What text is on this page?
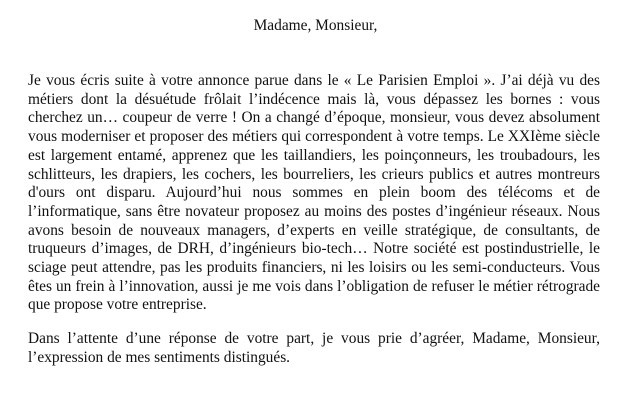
Madame, Monsieur,

Je vous écris suite à votre annonce parue dans le « Le Parisien Emploi ». J’ai déjà vu des métiers dont la désuétude frôlait l’indécence mais là, vous dépassez les bornes : vous cherchez un… coupeur de verre ! On a changé d’époque, monsieur, vous devez absolument vous moderniser et proposer des métiers qui correspondent à votre temps. Le XXIème siècle est largement entamé, apprenez que les taillandiers, les poinçonneurs, les troubadours, les schlitteurs, les drapiers, les cochers, les bourreliers, les crieurs publics et autres montreurs d'ours ont disparu. Aujourd’hui nous sommes en plein boom des télécoms et de l’informatique, sans être novateur proposez au moins des postes d’ingénieur réseaux. Nous avons besoin de nouveaux managers, d’experts en veille stratégique, de consultants, de truqueurs d’images, de DRH, d’ingénieurs bio-tech… Notre société est postindustrielle, le sciage peut attendre, pas les produits financiers, ni les loisirs ou les semi-conducteurs. Vous êtes un frein à l’innovation, aussi je me vois dans l’obligation de refuser le métier rétrograde que propose votre entreprise.

Dans l’attente d’une réponse de votre part, je vous prie d’agréer, Madame, Monsieur, l’expression de mes sentiments distingués.
